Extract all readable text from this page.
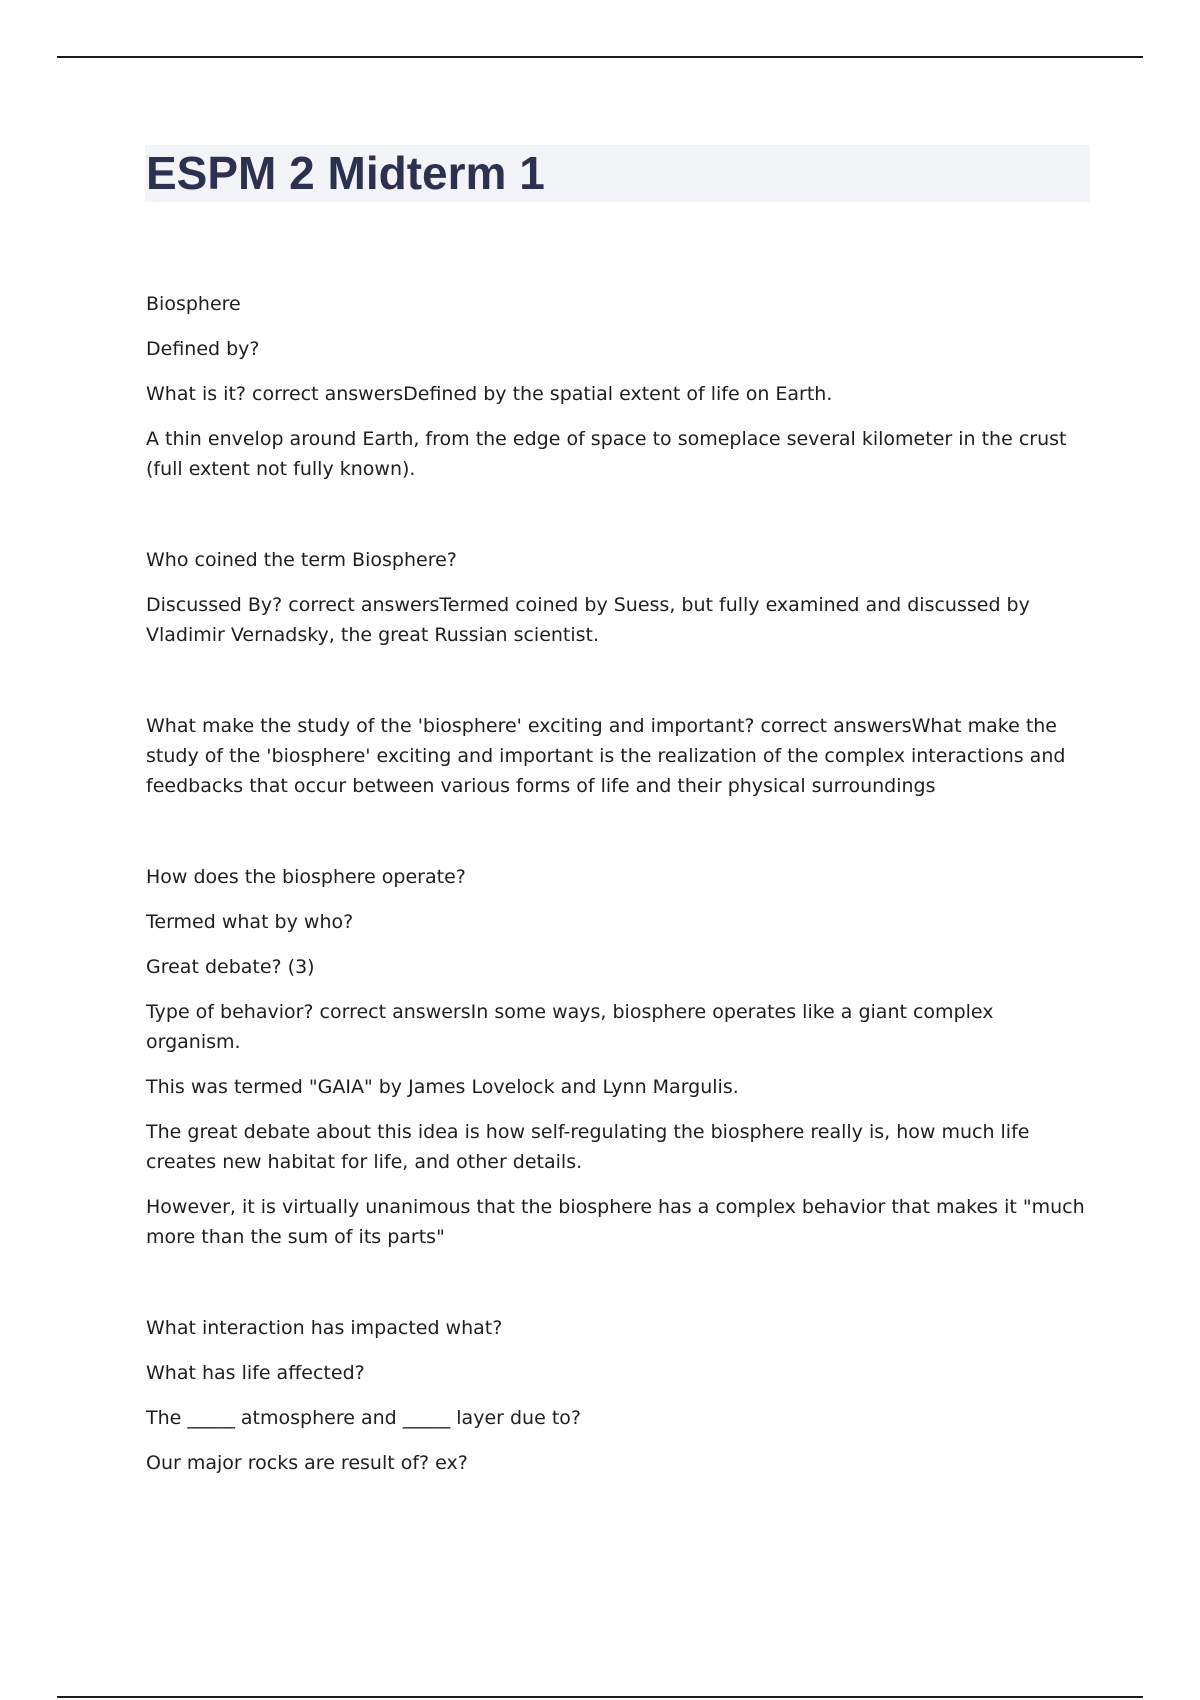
ESPM 2 Midterm 1

Biosphere

Defined by?

What is it? correct answersDefined by the spatial extent of life on Earth.

A thin envelop around Earth, from the edge of space to someplace several kilometer in the crust (full extent not fully known).

Who coined the term Biosphere?

Discussed By? correct answersTermed coined by Suess, but fully examined and discussed by Vladimir Vernadsky, the great Russian scientist.

What make the study of the 'biosphere' exciting and important? correct answersWhat make the study of the 'biosphere' exciting and important is the realization of the complex interactions and feedbacks that occur between various forms of life and their physical surroundings

How does the biosphere operate?

Termed what by who?

Great debate? (3)

Type of behavior? correct answersIn some ways, biosphere operates like a giant complex organism.

This was termed "GAIA" by James Lovelock and Lynn Margulis.

The great debate about this idea is how self-regulating the biosphere really is, how much life creates new habitat for life, and other details.

However, it is virtually unanimous that the biosphere has a complex behavior that makes it "much more than the sum of its parts"

What interaction has impacted what?

What has life affected?

The _____ atmosphere and _____ layer due to?

Our major rocks are result of? ex?
